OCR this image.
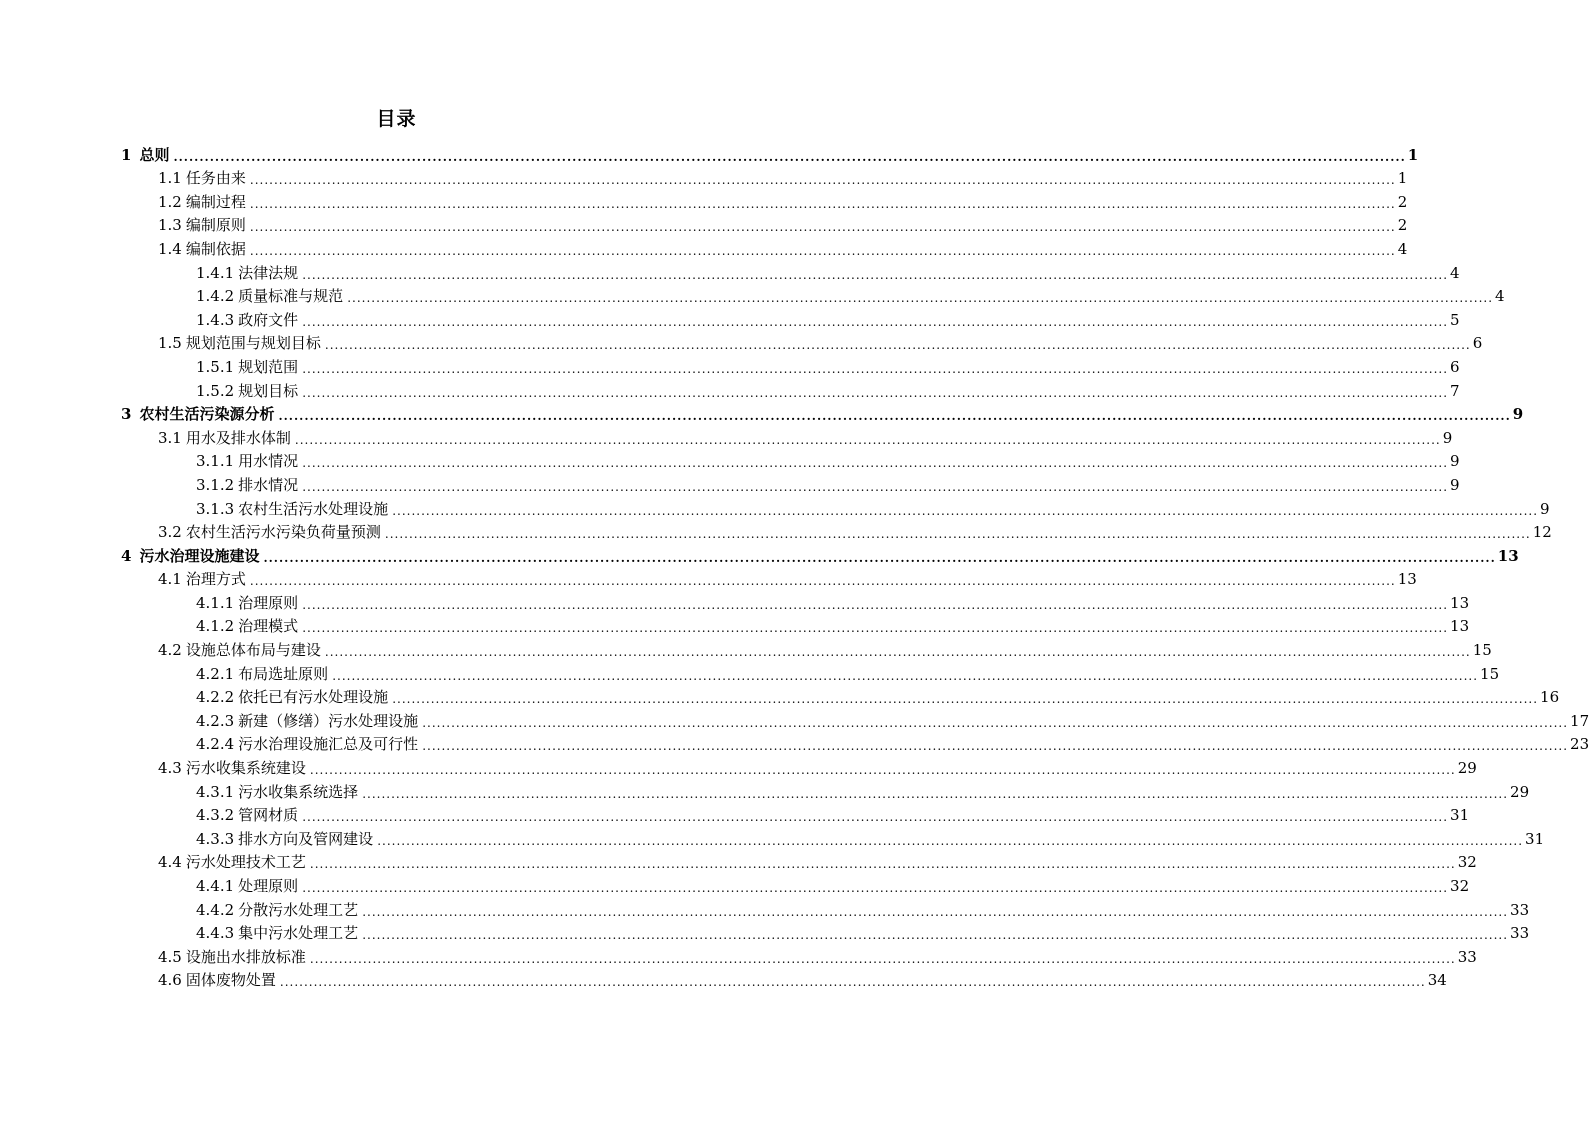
目录
1 总则 .............................................................................................................................................................................................................................................. 1
1.1 任务由来 .............................................................................................................................................................................................................................................. 1
1.2 编制过程 .............................................................................................................................................................................................................................................. 2
1.3 编制原则 .............................................................................................................................................................................................................................................. 2
1.4 编制依据 .............................................................................................................................................................................................................................................. 4
1.4.1 法律法规 .............................................................................................................................................................................................................................................. 4
1.4.2 质量标准与规范 .............................................................................................................................................................................................................................................. 4
1.4.3 政府文件 .............................................................................................................................................................................................................................................. 5
1.5 规划范围与规划目标 .............................................................................................................................................................................................................................................. 6
1.5.1 规划范围 .............................................................................................................................................................................................................................................. 6
1.5.2 规划目标 .............................................................................................................................................................................................................................................. 7
3 农村生活污染源分析 .............................................................................................................................................................................................................................................. 9
3.1 用水及排水体制 .............................................................................................................................................................................................................................................. 9
3.1.1 用水情况 .............................................................................................................................................................................................................................................. 9
3.1.2 排水情况 .............................................................................................................................................................................................................................................. 9
3.1.3 农村生活污水处理设施 .............................................................................................................................................................................................................................................. 9
3.2 农村生活污水污染负荷量预测 .............................................................................................................................................................................................................................................. 12
4 污水治理设施建设 .............................................................................................................................................................................................................................................. 13
4.1 治理方式 .............................................................................................................................................................................................................................................. 13
4.1.1 治理原则 .............................................................................................................................................................................................................................................. 13
4.1.2 治理模式 .............................................................................................................................................................................................................................................. 13
4.2 设施总体布局与建设 .............................................................................................................................................................................................................................................. 15
4.2.1 布局选址原则 .............................................................................................................................................................................................................................................. 15
4.2.2 依托已有污水处理设施 .............................................................................................................................................................................................................................................. 16
4.2.3 新建（修缮）污水处理设施 .............................................................................................................................................................................................................................................. 17
4.2.4 污水治理设施汇总及可行性 .............................................................................................................................................................................................................................................. 23
4.3 污水收集系统建设 .............................................................................................................................................................................................................................................. 29
4.3.1 污水收集系统选择 .............................................................................................................................................................................................................................................. 29
4.3.2 管网材质 .............................................................................................................................................................................................................................................. 31
4.3.3 排水方向及管网建设 .............................................................................................................................................................................................................................................. 31
4.4 污水处理技术工艺 .............................................................................................................................................................................................................................................. 32
4.4.1 处理原则 .............................................................................................................................................................................................................................................. 32
4.4.2 分散污水处理工艺 .............................................................................................................................................................................................................................................. 33
4.4.3 集中污水处理工艺 .............................................................................................................................................................................................................................................. 33
4.5 设施出水排放标准 .............................................................................................................................................................................................................................................. 33
4.6 固体废物处置 .............................................................................................................................................................................................................................................. 34
